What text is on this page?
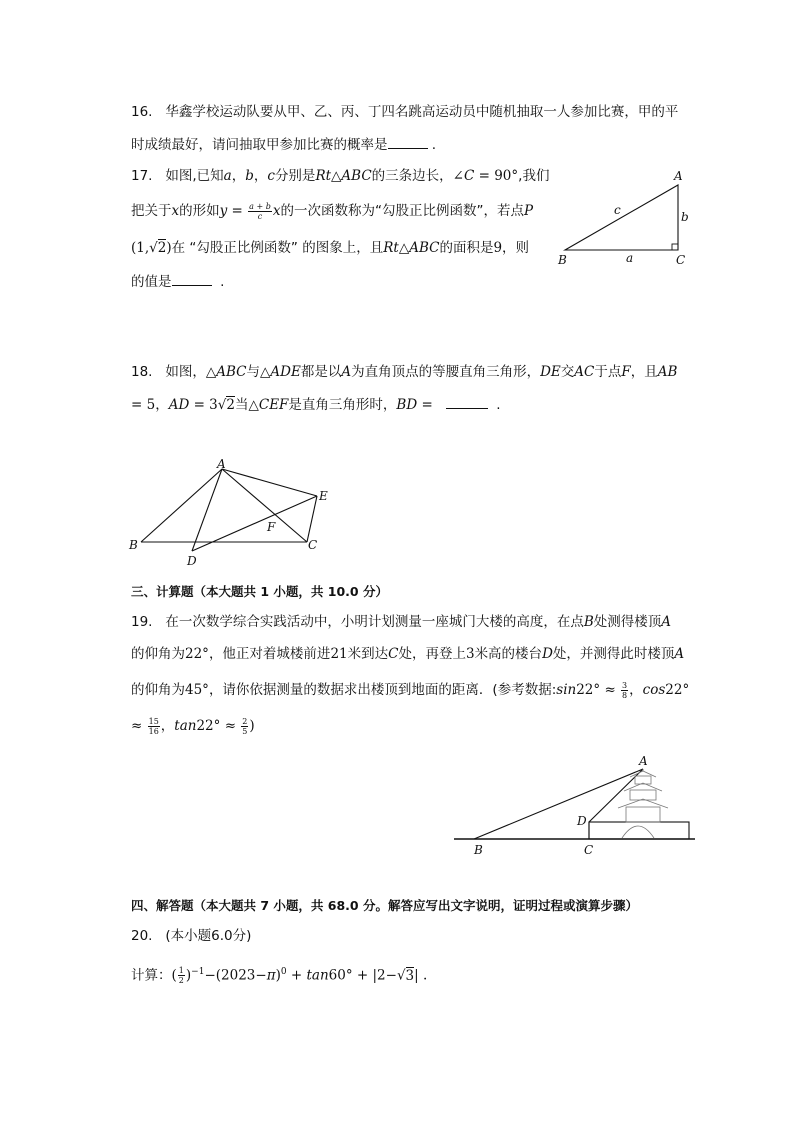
16. 华鑫学校运动队要从甲、乙、丙、丁四名跳高运动员中随机抽取一人参加比赛，甲的平
时成绩最好，请问抽取甲参加比赛的概率是	.
17. 如图,已知a，b，c分别是Rt△ABC的三条边长，∠C = 90°,我们
把关于x的形如$y = \frac{a + b}{c}$ x的一次函数称为“勾股正比例函数”，若点P
(1,√2)在 “勾股正比例函数” 的图象上，且Rt△ABC的面积是9，则
的值是	.
A
B	C
a
b
c
18. 如图，△ABC与△ADE都是以A为直角顶点的等腰直角三角形，DE交AC于点F，且AB
= 5，AD = 3√2当△CEF是直角三角形时，BD =	.
A
B	C
D
E
F
三、计算题（本大题共 1 小题，共 10.0 分）
19. 在一次数学综合实践活动中，小明计划测量一座城门大楼的高度，在点B处测得楼顶A
的仰角为22°，他正对着城楼前进21米到达C处，再登上3米高的楼台D处，并测得此时楼顶A
的仰角为45°，请你依据测量的数据求出楼顶到地面的距离．(参考数据:sin22° ≈ $\frac{3}{8}$ ，cos22°
≈ $\frac{15}{16}$ ，$\tan 22^\circ \approx \frac{2}{5}$ )
A
B	C
D
四、解答题（本大题共 7 小题，共 68.0 分。解答应写出文字说明，证明过程或演算步骤）
20. (本小题6.0分)
计算：( $\frac{1}{2} )^{-1}-(2023-\pi)^0 + \tan 60^\circ + |2-√3|$ .
